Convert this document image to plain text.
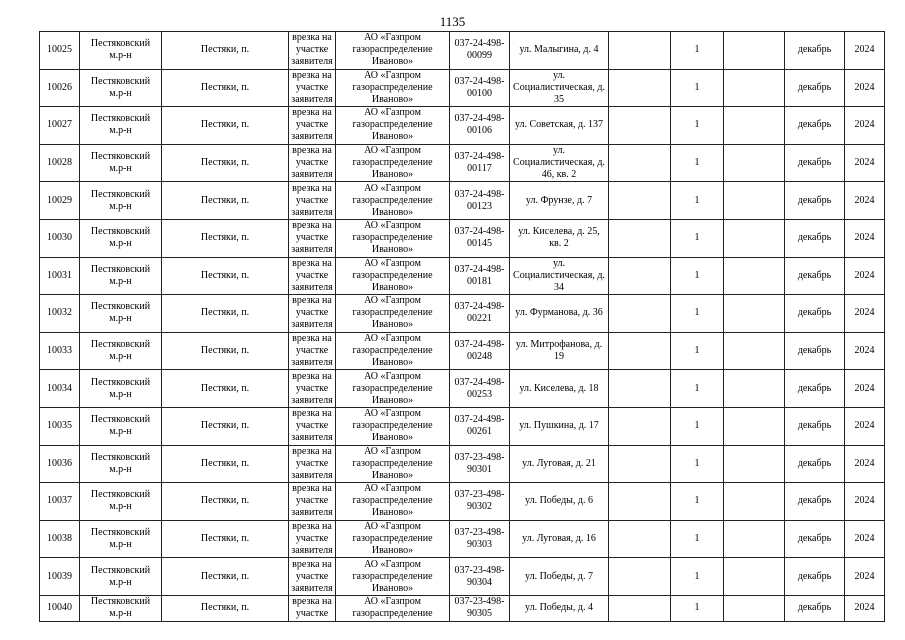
1135
10025	Пестяковский м.р-н	Пестяки, п.	врезка на участке заявителя	АО «Газпром газораспределение Иваново»	037-24-498-00099	ул. Малыгина, д. 4		1		декабрь	2024

10026	Пестяковский м.р-н	Пестяки, п.	врезка на участке заявителя	АО «Газпром газораспределение Иваново»	037-24-498-00100	ул. Социалистическая, д. 35		1		декабрь	2024

10027	Пестяковский м.р-н	Пестяки, п.	врезка на участке заявителя	АО «Газпром газораспределение Иваново»	037-24-498-00106	ул. Советская, д. 137		1		декабрь	2024

10028	Пестяковский м.р-н	Пестяки, п.	врезка на участке заявителя	АО «Газпром газораспределение Иваново»	037-24-498-00117	ул. Социалистическая, д. 46, кв. 2		1		декабрь	2024

10029	Пестяковский м.р-н	Пестяки, п.	врезка на участке заявителя	АО «Газпром газораспределение Иваново»	037-24-498-00123	ул. Фрунзе, д. 7		1		декабрь	2024

10030	Пестяковский м.р-н	Пестяки, п.	врезка на участке заявителя	АО «Газпром газораспределение Иваново»	037-24-498-00145	ул. Киселева, д. 25, кв. 2		1		декабрь	2024

10031	Пестяковский м.р-н	Пестяки, п.	врезка на участке заявителя	АО «Газпром газораспределение Иваново»	037-24-498-00181	ул. Социалистическая, д. 34		1		декабрь	2024

10032	Пестяковский м.р-н	Пестяки, п.	врезка на участке заявителя	АО «Газпром газораспределение Иваново»	037-24-498-00221	ул. Фурманова, д. 36		1		декабрь	2024

10033	Пестяковский м.р-н	Пестяки, п.	врезка на участке заявителя	АО «Газпром газораспределение Иваново»	037-24-498-00248	ул. Митрофанова, д. 19		1		декабрь	2024

10034	Пестяковский м.р-н	Пестяки, п.	врезка на участке заявителя	АО «Газпром газораспределение Иваново»	037-24-498-00253	ул. Киселева, д. 18		1		декабрь	2024

10035	Пестяковский м.р-н	Пестяки, п.	врезка на участке заявителя	АО «Газпром газораспределение Иваново»	037-24-498-00261	ул. Пушкина, д. 17		1		декабрь	2024

10036	Пестяковский м.р-н	Пестяки, п.	врезка на участке заявителя	АО «Газпром газораспределение Иваново»	037-23-498-90301	ул. Луговая, д. 21		1		декабрь	2024

10037	Пестяковский м.р-н	Пестяки, п.	врезка на участке заявителя	АО «Газпром газораспределение Иваново»	037-23-498-90302	ул. Победы, д. 6		1		декабрь	2024

10038	Пестяковский м.р-н	Пестяки, п.	врезка на участке заявителя	АО «Газпром газораспределение Иваново»	037-23-498-90303	ул. Луговая, д. 16		1		декабрь	2024

10039	Пестяковский м.р-н	Пестяки, п.	врезка на участке заявителя	АО «Газпром газораспределение Иваново»	037-23-498-90304	ул. Победы, д. 7		1		декабрь	2024

10040	Пестяковский м.р-н	Пестяки, п.	врезка на участке	АО «Газпром газораспределение	037-23-498-90305	ул. Победы, д. 4		1		декабрь	2024
